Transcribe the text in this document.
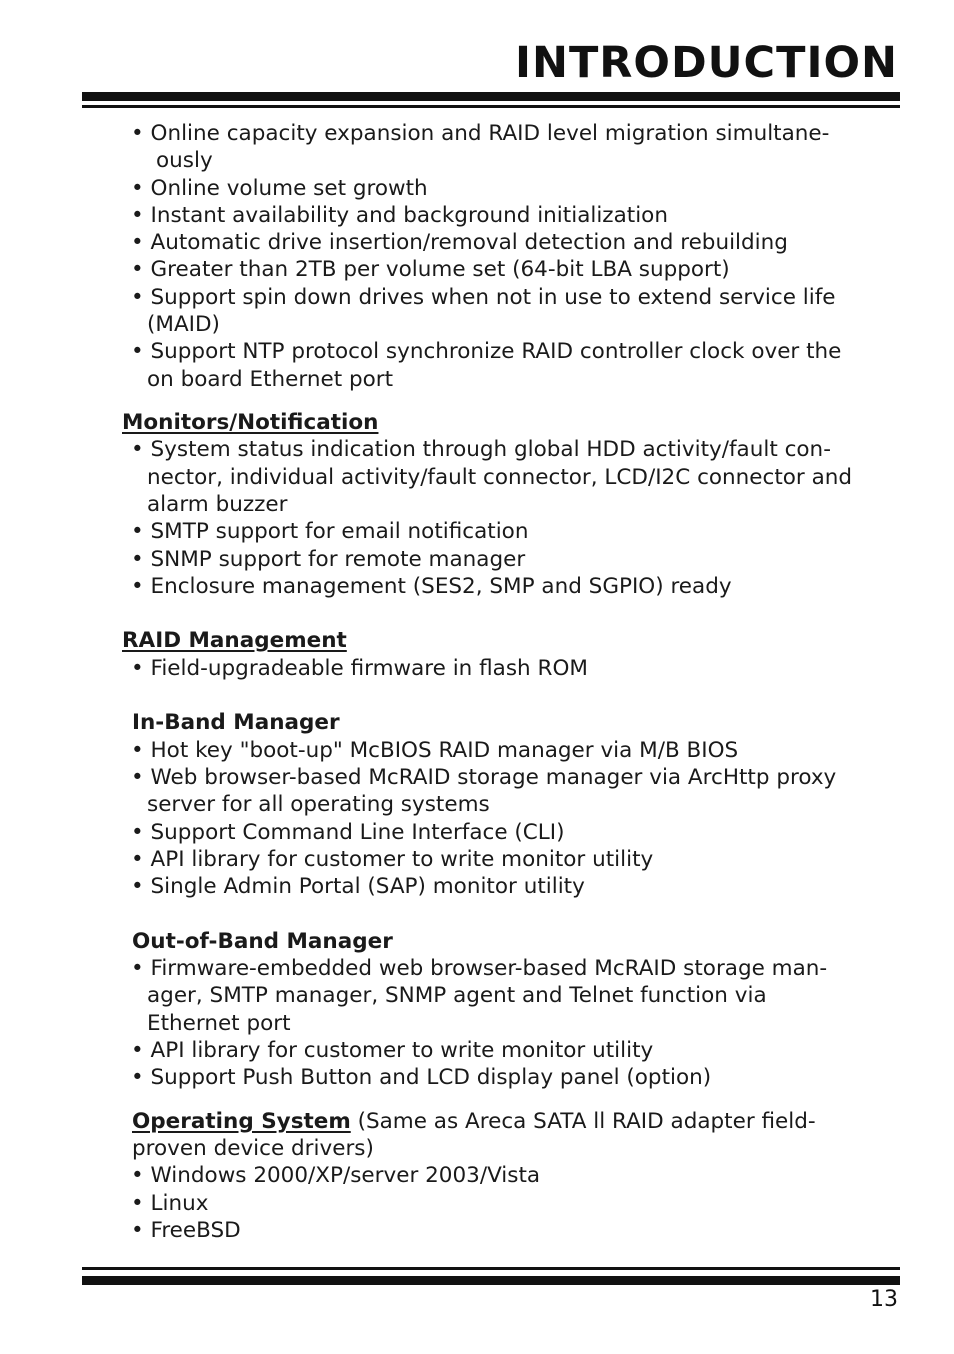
INTRODUCTION
• Online capacity expansion and RAID level migration simultane-
ously
• Online volume set growth
• Instant availability and background initialization
• Automatic drive insertion/removal detection and rebuilding
• Greater than 2TB per volume set (64-bit LBA support)
• Support spin down drives when not in use to extend service life
(MAID)
• Support NTP protocol synchronize RAID controller clock over the
on board Ethernet port
Monitors/Notification
• System status indication through global HDD activity/fault con-
nector, individual activity/fault connector, LCD/I2C connector and
alarm buzzer
• SMTP support for email notification
• SNMP support for remote manager
• Enclosure management (SES2, SMP and SGPIO) ready
RAID Management
• Field-upgradeable firmware in flash ROM
In-Band Manager
• Hot key "boot-up" McBIOS RAID manager via M/B BIOS
• Web browser-based McRAID storage manager via ArcHttp proxy
server for all operating systems
• Support Command Line Interface (CLI)
• API library for customer to write monitor utility
• Single Admin Portal (SAP) monitor utility
Out-of-Band Manager
• Firmware-embedded web browser-based McRAID storage man-
ager, SMTP manager, SNMP agent and Telnet function via
Ethernet port
• API library for customer to write monitor utility
• Support Push Button and LCD display panel (option)
Operating System (Same as Areca SATA ll RAID adapter field-
proven device drivers)
• Windows 2000/XP/server 2003/Vista
• Linux
• FreeBSD
13
